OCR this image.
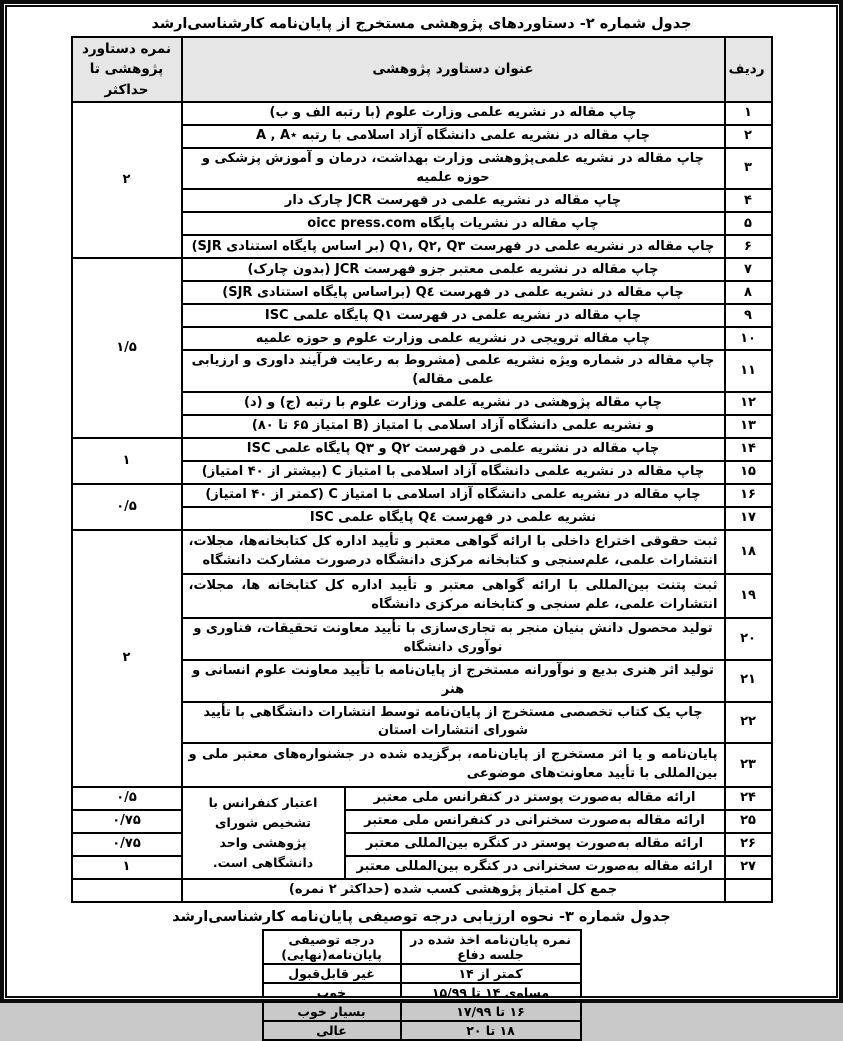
جدول شماره ۲- دستاوردهای پژوهشی مستخرج از پایان‌نامه کارشناسی‌ارشد
ردیف	عنوان دستاورد پژوهشی		نمره دستاورد پژوهشی تا حداکثر
۱	چاپ مقاله در نشریه علمی وزارت علوم (با رتبه الف و ب)		۲
۲	چاپ مقاله در نشریه علمی دانشگاه آزاد اسلامی با رتبه ٭A , A		
۳	چاپ مقاله در نشریه علمی‌پژوهشی وزارت بهداشت، درمان و آموزش پزشکی و حوزه علمیه		
۴	چاپ مقاله در نشریه علمی در فهرست JCR چارک دار		
۵	چاپ مقاله در نشریات پایگاه oicc press.com		
۶	چاپ مقاله در نشریه علمی در فهرست Q۱, Q۲, Q۳ (بر اساس پایگاه استنادی SJR)		
۷	چاپ مقاله در نشریه علمی معتبر جزو فهرست JCR (بدون چارک)		۱/۵
۸	چاپ مقاله در نشریه علمی در فهرست Q٤ (براساس پایگاه استنادی SJR)		
۹	چاپ مقاله در نشریه علمی در فهرست Q۱ پایگاه علمی ISC		
۱۰	چاپ مقاله ترویجی در نشریه علمی وزارت علوم و حوزه علمیه		
۱۱	چاپ مقاله در شماره ویژه نشریه علمی (مشروط به رعایت فرآیند داوری و ارزیابی علمی مقاله)		
۱۲	چاپ مقاله پژوهشی در نشریه علمی وزارت علوم با رتبه (ج) و (د)		
۱۳	و نشریه علمی دانشگاه آزاد اسلامی با امتیاز (B امتیاز ۶۵ تا ۸۰)		
۱۴	چاپ مقاله در نشریه علمی در فهرست Q۲ و Q۳ پایگاه علمی ISC		۱
۱۵	چاپ مقاله در نشریه علمی دانشگاه آزاد اسلامی با امتیاز C (بیشتر از ۴۰ امتیاز)		
۱۶	چاپ مقاله در نشریه علمی دانشگاه آزاد اسلامی با امتیاز C (کمتر از ۴۰ امتیاز)		۰/۵
۱۷	نشریه علمی در فهرست Q٤ پایگاه علمی ISC		
۱۸	ثبت حقوقی اختراع داخلی با ارائه گواهی معتبر و تأیید اداره کل کتابخانه‌ها، مجلات، انتشارات علمی، علم‌سنجی و کتابخانه مرکزی دانشگاه درصورت مشارکت دانشگاه		۲
۱۹	ثبت پتنت بین‌المللی با ارائه گواهی معتبر و تأیید اداره کل کتابخانه ها، مجلات، انتشارات علمی، علم سنجی و کتابخانه مرکزی دانشگاه		
۲۰	تولید محصول دانش بنیان منجر به تجاری‌سازی با تأیید معاونت تحقیقات، فناوری و نوآوری دانشگاه		
۲۱	تولید اثر هنری بدیع و نوآورانه مستخرج از پایان‌نامه با تأیید معاونت علوم انسانی و هنر		
۲۲	چاپ یک کتاب تخصصی مستخرج از پایان‌نامه توسط انتشارات دانشگاهی با تأیید شورای انتشارات استان		
۲۳	پایان‌نامه و یا اثر مستخرج از پایان‌نامه، برگزیده شده در جشنواره‌های معتبر ملی و بین‌المللی با تأیید معاونت‌های موضوعی		
۲۴	ارائه مقاله به‌صورت پوستر در کنفرانس ملی معتبر	اعتبار کنفرانس با تشخیص شورای پژوهشی واحد دانشگاهی است.	۰/۵
۲۵	ارائه مقاله به‌صورت سخنرانی در کنفرانس ملی معتبر		۰/۷۵
۲۶	ارائه مقاله به‌صورت پوستر در کنگره بین‌المللی معتبر		۰/۷۵
۲۷	ارائه مقاله به‌صورت سخنرانی در کنگره بین‌المللی معتبر		۱
	جمع کل امتیاز پژوهشی کسب شده (حداکثر ۲ نمره)		
جدول شماره ۳- نحوه ارزیابی درجه توصیفی پایان‌نامه کارشناسی‌ارشد
نمره پایان‌نامه اخذ شده در جلسه دفاع	درجه توصیفی پایان‌نامه(نهایی)
کمتر از ۱۴	غیر قابل‌قبول
مساوی ۱۴ تا ۱۵/۹۹	خوب
۱۶ تا ۱۷/۹۹	بسیار خوب
۱۸ تا ۲۰	عالی
